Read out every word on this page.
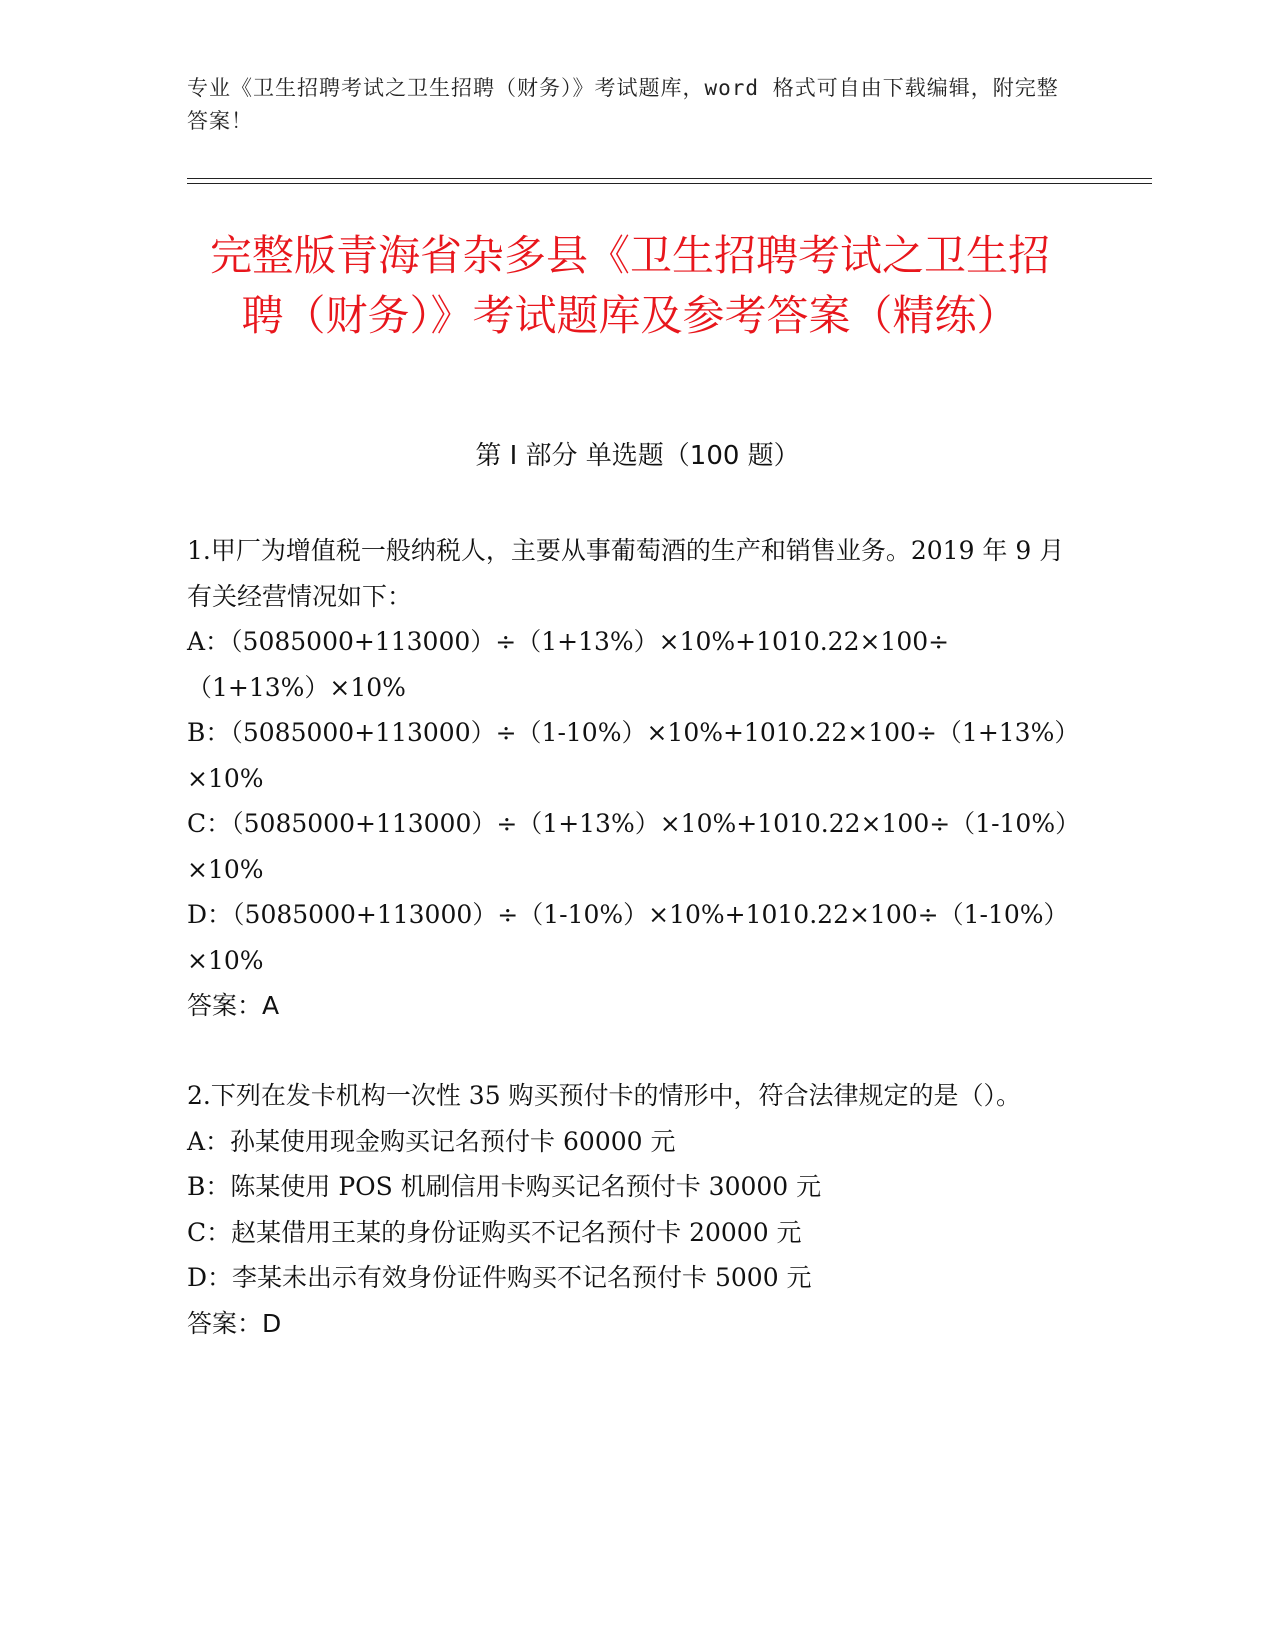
专业《卫生招聘考试之卫生招聘（财务）》考试题库，word 格式可自由下载编辑，附完整答案！
完整版青海省杂多县《卫生招聘考试之卫生招聘（财务）》考试题库及参考答案（精练）
第 I 部分 单选题（100 题）

1.甲厂为增值税一般纳税人，主要从事葡萄酒的生产和销售业务。2019 年 9 月有关经营情况如下：

A：（5085000+113000）÷（1+13%）×10%+1010.22×100÷（1+13%）×10%

B：（5085000+113000）÷（1-10%）×10%+1010.22×100÷（1+13%）×10%

C：（5085000+113000）÷（1+13%）×10%+1010.22×100÷（1-10%）×10%

D：（5085000+113000）÷（1-10%）×10%+1010.22×100÷（1-10%）×10%

答案：A

2.下列在发卡机构一次性 35 购买预付卡的情形中，符合法律规定的是（）。

A：孙某使用现金购买记名预付卡 60000 元

B：陈某使用 POS 机刷信用卡购买记名预付卡 30000 元

C：赵某借用王某的身份证购买不记名预付卡 20000 元

D：李某未出示有效身份证件购买不记名预付卡 5000 元

答案：D
